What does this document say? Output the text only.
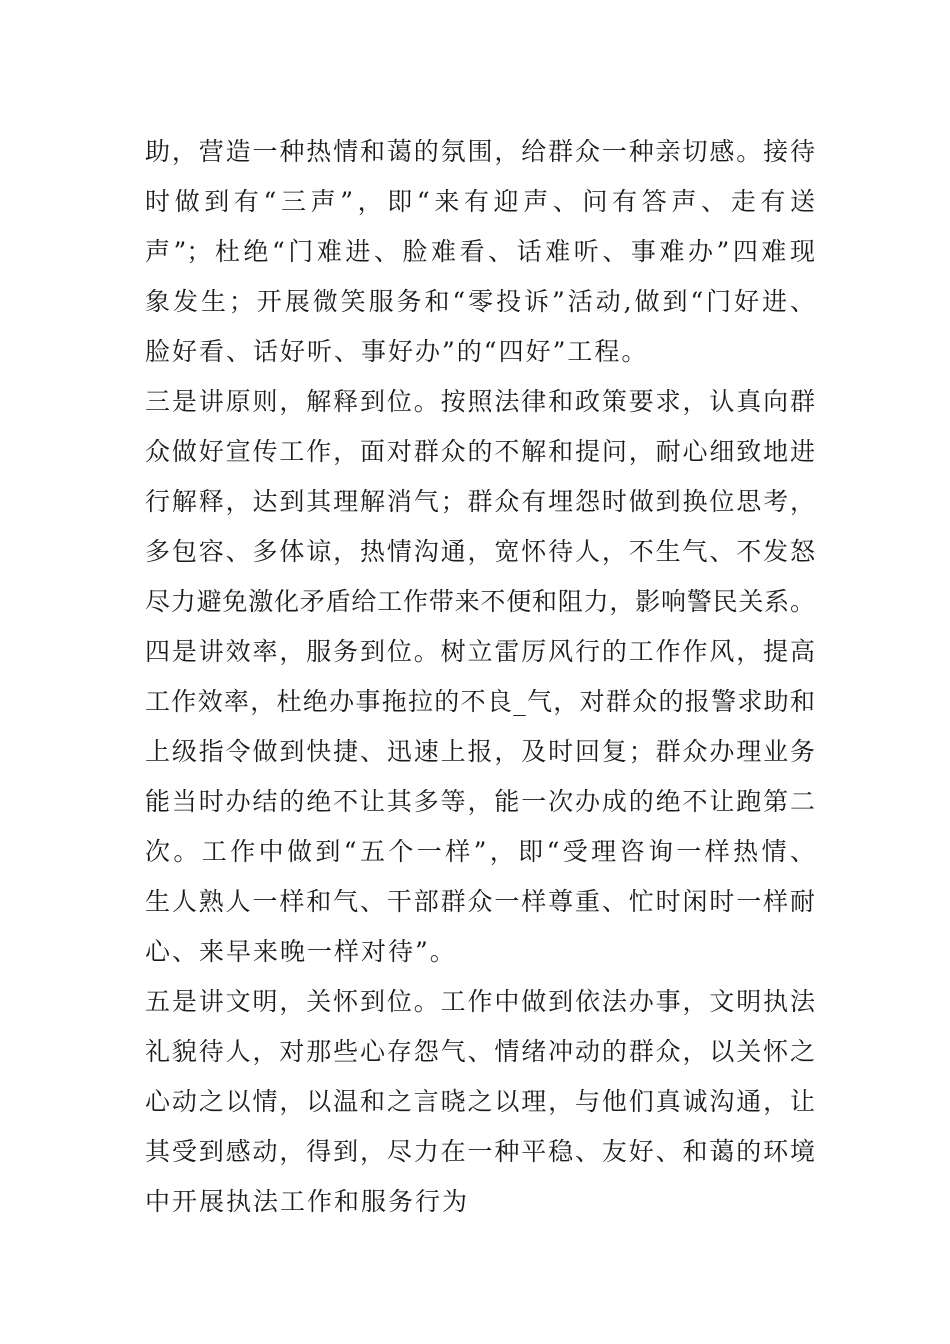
助，营造一种热情和蔼的氛围，给群众一种亲切感。接待
时做到有“三声”，即“来有迎声、问有答声、走有送
声”；杜绝“门难进、脸难看、话难听、事难办”四难现
象发生；开展微笑服务和“零投诉”活动,做到“门好进、
脸好看、话好听、事好办”的“四好”工程。
三是讲原则，解释到位。按照法律和政策要求，认真向群
众做好宣传工作，面对群众的不解和提问，耐心细致地进
行解释，达到其理解消气；群众有埋怨时做到换位思考，
多包容、多体谅，热情沟通，宽怀待人，不生气、不发怒
尽力避免激化矛盾给工作带来不便和阻力，影响警民关系。
四是讲效率，服务到位。树立雷厉风行的工作作风，提高
工作效率，杜绝办事拖拉的不良_气，对群众的报警求助和
上级指令做到快捷、迅速上报，及时回复；群众办理业务
能当时办结的绝不让其多等，能一次办成的绝不让跑第二
次。工作中做到“五个一样”，即“受理咨询一样热情、
生人熟人一样和气、干部群众一样尊重、忙时闲时一样耐
心、来早来晚一样对待”。
五是讲文明，关怀到位。工作中做到依法办事，文明执法
礼貌待人，对那些心存怨气、情绪冲动的群众，以关怀之
心动之以情，以温和之言晓之以理，与他们真诚沟通，让
其受到感动，得到，尽力在一种平稳、友好、和蔼的环境
中开展执法工作和服务行为
